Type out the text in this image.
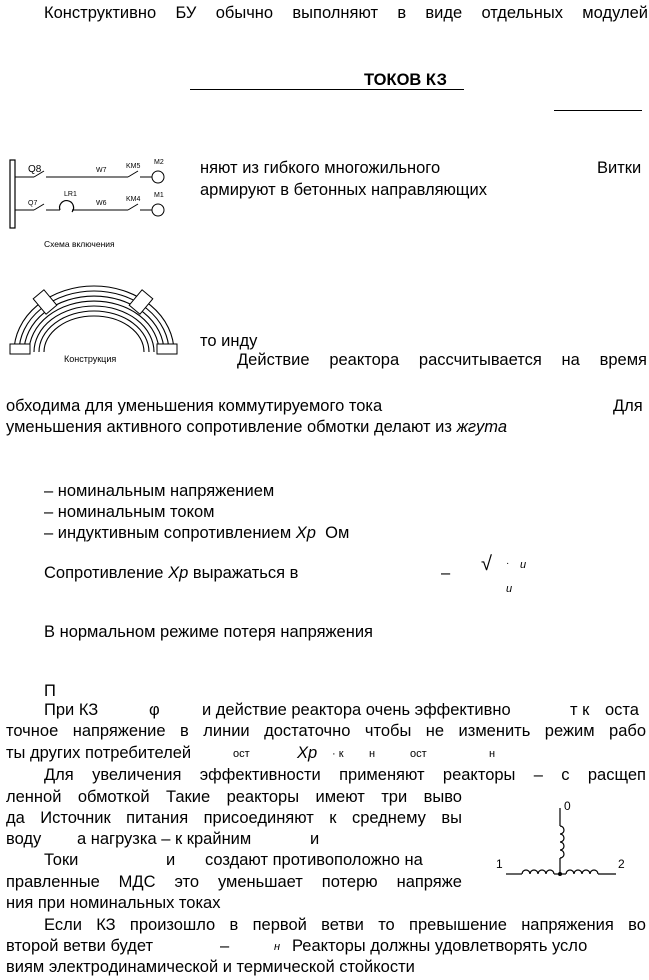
Конструктивно БУ обычно выполняют в виде отдельных модулей
ТОКОВ КЗ
Q8	W7
KM5
M2
Q7
LR1
W6
KM4
M1
Схема включения
Конструкция
няют из гибкого многожильного	Витки
армируют в бетонных направляющих
то инду
Действие реактора рассчитывается на время
обходима для уменьшения коммутируемого тока	Для
уменьшения активного сопротивление обмотки делают из жгута
– номинальным напряжением
– номинальным током
– индуктивным сопротивлением Xр Ом
Сопротивление Xр выражаться в	– √ · u
u
В нормальном режиме потеря напряжения
П
При КЗ	φ	и действие реактора очень эффективно	т к оста
точное напряжение в линии достаточно чтобы не изменить режим рабо
ты других потребителей	ост	Xр · к н	ост	н
Для увеличения эффективности применяют реакторы – с расщеп
ленной обмоткой Такие реакторы имеют три выво
да Источник питания присоединяют к среднему вы
воду а нагрузка – к крайним	и
Токи	и создают противоположно на
правленные МДС это уменьшает потерю напряже
ния при номинальных токах
0
1	2
Если КЗ произошло в первой ветви то превышение напряжения во
второй ветви будет	–	н Реакторы должны удовлетворять усло
виям электродинамической и термической стойкости
